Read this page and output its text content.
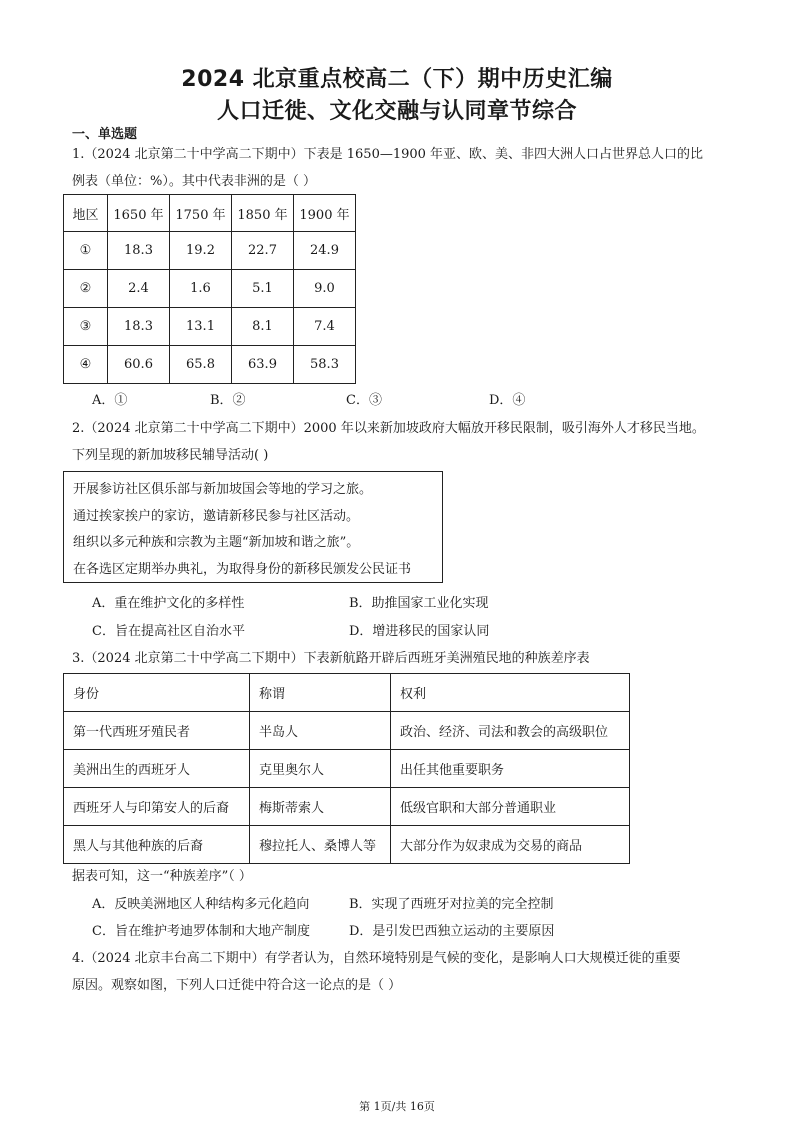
2024 北京重点校高二（下）期中历史汇编
人口迁徙、文化交融与认同章节综合
一、单选题
1.（2024 北京第二十中学高二下期中）下表是 1650—1900 年亚、欧、美、非四大洲人口占世界总人口的比
例表（单位：%）。其中代表非洲的是（ ）
地区	1650 年	1750 年	1850 年	1900 年
①	18.3	19.2	22.7	24.9
②	2.4	1.6	5.1	9.0
③	18.3	13.1	8.1	7.4
④	60.6	65.8	63.9	58.3
A．①	B．②	C．③	D．④
2.（2024 北京第二十中学高二下期中）2000 年以来新加坡政府大幅放开移民限制，吸引海外人才移民当地。
下列呈现的新加坡移民辅导活动( )
开展参访社区俱乐部与新加坡国会等地的学习之旅。
通过挨家挨户的家访，邀请新移民参与社区活动。
组织以多元种族和宗教为主题“新加坡和谐之旅”。
在各选区定期举办典礼，为取得身份的新移民颁发公民证书
A．重在维护文化的多样性	B．助推国家工业化实现
C．旨在提高社区自治水平	D．增进移民的国家认同
3.（2024 北京第二十中学高二下期中）下表新航路开辟后西班牙美洲殖民地的种族差序表
身份	称谓	权利
第一代西班牙殖民者	半岛人	政治、经济、司法和教会的高级职位
美洲出生的西班牙人	克里奥尔人	出任其他重要职务
西班牙人与印第安人的后裔	梅斯蒂索人	低级官职和大部分普通职业
黑人与其他种族的后裔	穆拉托人、桑博人等	大部分作为奴隶成为交易的商品
据表可知，这一“种族差序”（ ）
A．反映美洲地区人种结构多元化趋向	B．实现了西班牙对拉美的完全控制
C．旨在维护考迪罗体制和大地产制度	D．是引发巴西独立运动的主要原因
4.（2024 北京丰台高二下期中）有学者认为，自然环境特别是气候的变化，是影响人口大规模迁徙的重要
原因。观察如图，下列人口迁徙中符合这一论点的是（ ）
第 1页/共 16页
